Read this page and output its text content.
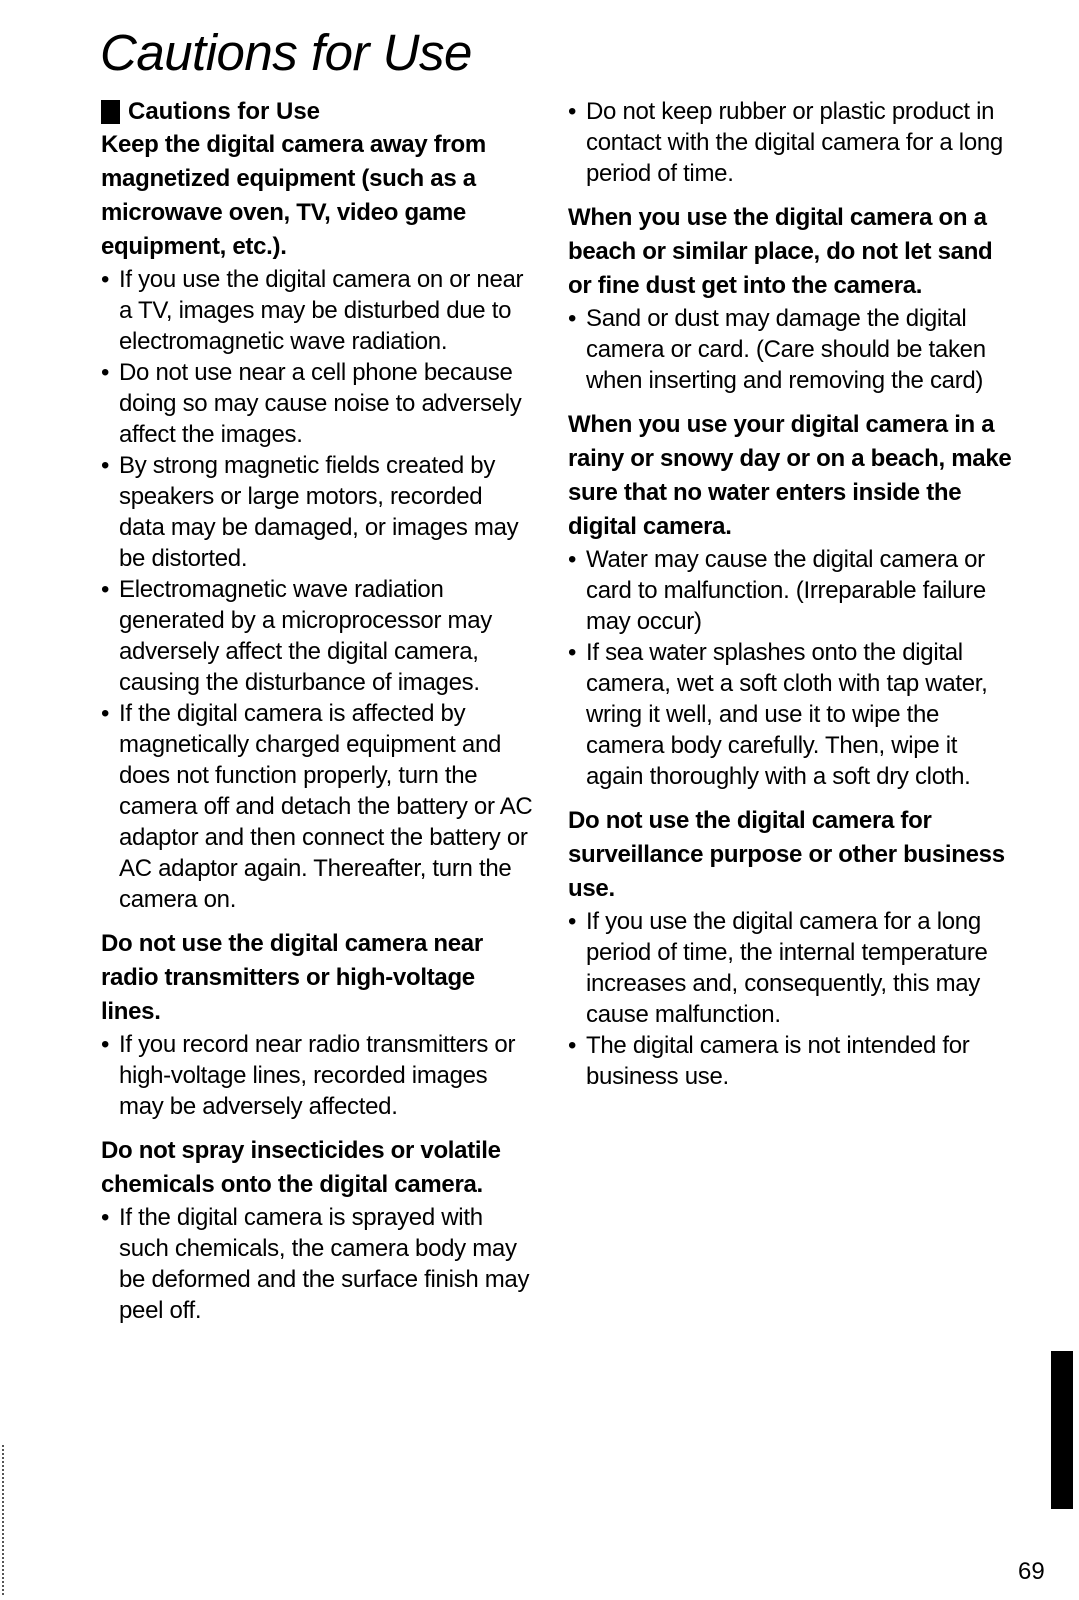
Cautions for Use
Cautions for Use
Keep the digital camera away from magnetized equipment (such as a microwave oven, TV, video game equipment, etc.).
• If you use the digital camera on or near a TV, images may be disturbed due to electromagnetic wave radiation.
• Do not use near a cell phone because doing so may cause noise to adversely affect the images.
• By strong magnetic fields created by speakers or large motors, recorded data may be damaged, or images may be distorted.
• Electromagnetic wave radiation generated by a microprocessor may adversely affect the digital camera, causing the disturbance of images.
• If the digital camera is affected by magnetically charged equipment and does not function properly, turn the camera off and detach the battery or AC adaptor and then connect the battery or AC adaptor again. Thereafter, turn the camera on.
Do not use the digital camera near radio transmitters or high-voltage lines.
• If you record near radio transmitters or high-voltage lines, recorded images may be adversely affected.
Do not spray insecticides or volatile chemicals onto the digital camera.
• If the digital camera is sprayed with such chemicals, the camera body may be deformed and the surface finish may peel off.
• Do not keep rubber or plastic product in contact with the digital camera for a long period of time.
When you use the digital camera on a beach or similar place, do not let sand or fine dust get into the camera.
• Sand or dust may damage the digital camera or card. (Care should be taken when inserting and removing the card)
When you use your digital camera in a rainy or snowy day or on a beach, make sure that no water enters inside the digital camera.
• Water may cause the digital camera or card to malfunction. (Irreparable failure may occur)
• If sea water splashes onto the digital camera, wet a soft cloth with tap water, wring it well, and use it to wipe the camera body carefully. Then, wipe it again thoroughly with a soft dry cloth.
Do not use the digital camera for surveillance purpose or other business use.
• If you use the digital camera for a long period of time, the internal temperature increases and, consequently, this may cause malfunction.
• The digital camera is not intended for business use.
69
